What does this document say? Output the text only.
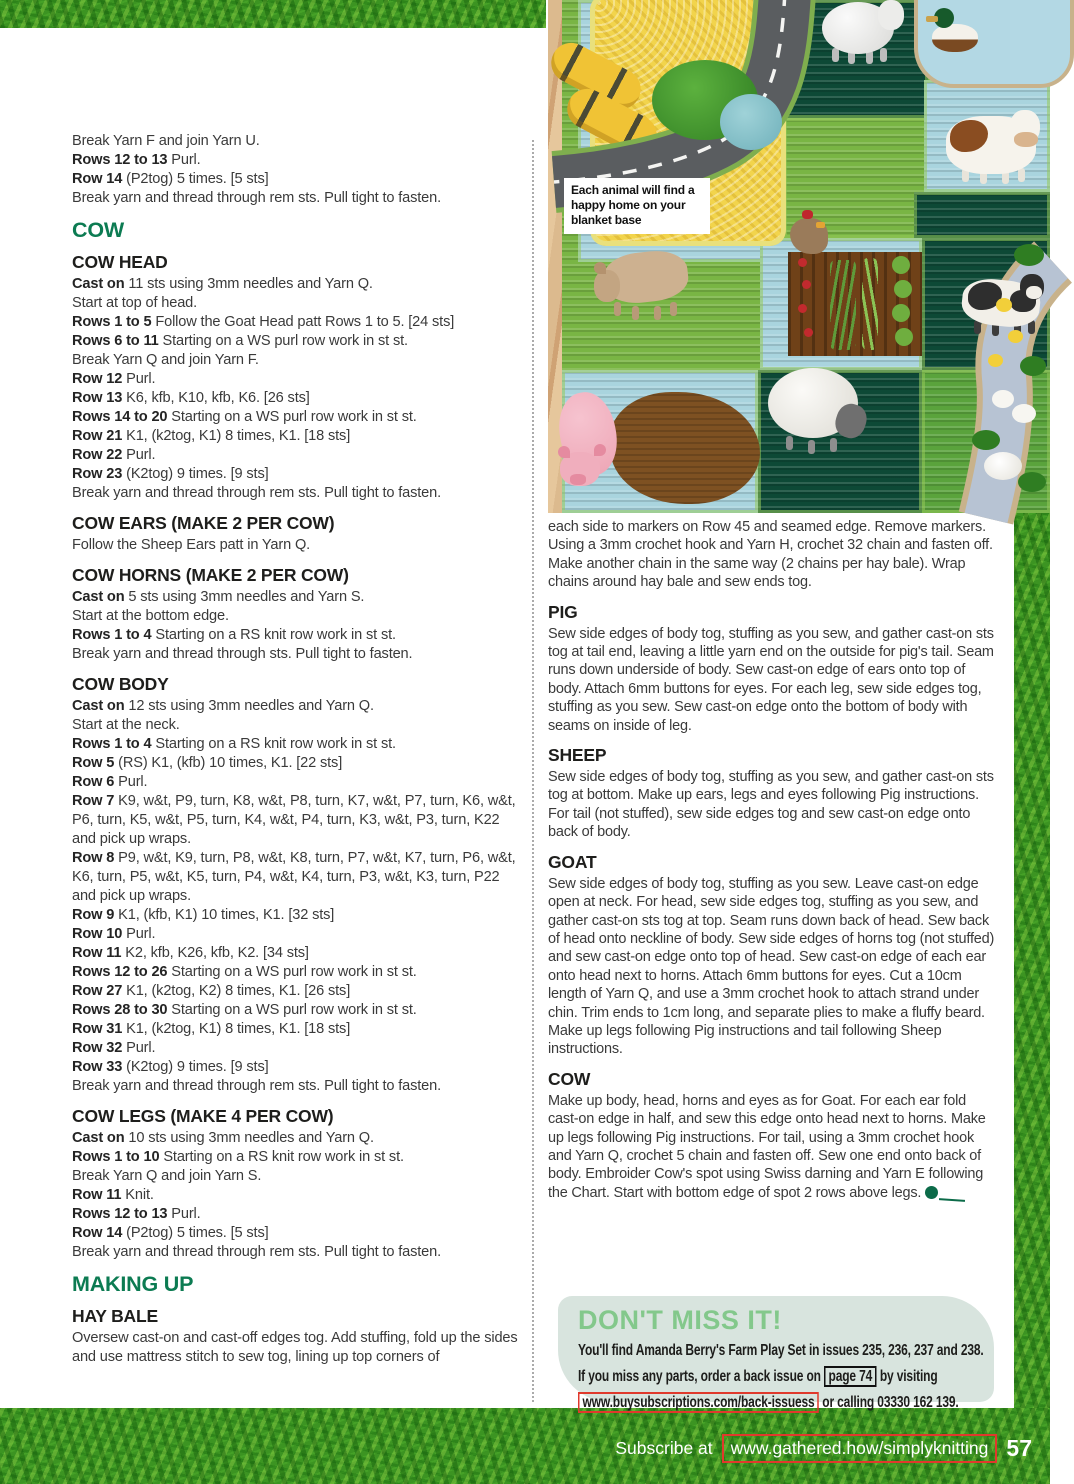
Each animal will find a happy home on your blanket base

Break Yarn F and join Yarn U.

Rows 12 to 13 Purl.

Row 14 (P2tog) 5 times. [5 sts]

Break yarn and thread through rem sts. Pull tight to fasten.

COW
COW HEAD

Cast on 11 sts using 3mm needles and Yarn Q.

Start at top of head.

Rows 1 to 5 Follow the Goat Head patt Rows 1 to 5. [24 sts]

Rows 6 to 11 Starting on a WS purl row work in st st.

Break Yarn Q and join Yarn F.

Row 12 Purl.

Row 13 K6, kfb, K10, kfb, K6. [26 sts]

Rows 14 to 20 Starting on a WS purl row work in st st.

Row 21 K1, (k2tog, K1) 8 times, K1. [18 sts]

Row 22 Purl.

Row 23 (K2tog) 9 times. [9 sts]

Break yarn and thread through rem sts. Pull tight to fasten.

COW EARS (MAKE 2 PER COW)

Follow the Sheep Ears patt in Yarn Q.

COW HORNS (MAKE 2 PER COW)

Cast on 5 sts using 3mm needles and Yarn S.

Start at the bottom edge.

Rows 1 to 4 Starting on a RS knit row work in st st.

Break yarn and thread through sts. Pull tight to fasten.

COW BODY

Cast on 12 sts using 3mm needles and Yarn Q.

Start at the neck.

Rows 1 to 4 Starting on a RS knit row work in st st.

Row 5 (RS) K1, (kfb) 10 times, K1. [22 sts]

Row 6 Purl.

Row 7 K9, w&t, P9, turn, K8, w&t, P8, turn, K7, w&t, P7, turn, K6, w&t, P6, turn, K5, w&t, P5, turn, K4, w&t, P4, turn, K3, w&t, P3, turn, K22 and pick up wraps.

Row 8 P9, w&t, K9, turn, P8, w&t, K8, turn, P7, w&t, K7, turn, P6, w&t, K6, turn, P5, w&t, K5, turn, P4, w&t, K4, turn, P3, w&t, K3, turn, P22 and pick up wraps.

Row 9 K1, (kfb, K1) 10 times, K1. [32 sts]

Row 10 Purl.

Row 11 K2, kfb, K26, kfb, K2. [34 sts]

Rows 12 to 26 Starting on a WS purl row work in st st.

Row 27 K1, (k2tog, K2) 8 times, K1. [26 sts]

Rows 28 to 30 Starting on a WS purl row work in st st.

Row 31 K1, (k2tog, K1) 8 times, K1. [18 sts]

Row 32 Purl.

Row 33 (K2tog) 9 times. [9 sts]

Break yarn and thread through rem sts. Pull tight to fasten.

COW LEGS (MAKE 4 PER COW)

Cast on 10 sts using 3mm needles and Yarn Q.

Rows 1 to 10 Starting on a RS knit row work in st st.

Break Yarn Q and join Yarn S.

Row 11 Knit.

Rows 12 to 13 Purl.

Row 14 (P2tog) 5 times. [5 sts]

Break yarn and thread through rem sts. Pull tight to fasten.

MAKING UP
HAY BALE

Oversew cast-on and cast-off edges tog. Add stuffing, fold up the sides and use mattress stitch to sew tog, lining up top corners of

each side to markers on Row 45 and seamed edge. Remove markers. Using a 3mm crochet hook and Yarn H, crochet 32 chain and fasten off. Make another chain in the same way (2 chains per hay bale). Wrap chains around hay bale and sew ends tog.

PIG

Sew side edges of body tog, stuffing as you sew, and gather cast-on sts tog at tail end, leaving a little yarn end on the outside for pig's tail. Seam runs down underside of body. Sew cast-on edge of ears onto top of body. Attach 6mm buttons for eyes. For each leg, sew side edges tog, stuffing as you sew. Sew cast-on edge onto the bottom of body with seams on inside of leg.

SHEEP

Sew side edges of body tog, stuffing as you sew, and gather cast-on sts tog at bottom. Make up ears, legs and eyes following Pig instructions. For tail (not stuffed), sew side edges tog and sew cast-on edge onto back of body.

GOAT

Sew side edges of body tog, stuffing as you sew. Leave cast-on edge open at neck. For head, sew side edges tog, stuffing as you sew, and gather cast-on sts tog at top. Seam runs down back of head. Sew back of head onto neckline of body. Sew side edges of horns tog (not stuffed) and sew cast-on edge onto top of head. Sew cast-on edge of each ear onto head next to horns. Attach 6mm buttons for eyes. Cut a 10cm length of Yarn Q, and use a 3mm crochet hook to attach strand under chin. Trim ends to 1cm long, and separate plies to make a fluffy beard. Make up legs following Pig instructions and tail following Sheep instructions.

COW

Make up body, head, horns and eyes as for Goat. For each ear fold cast-on edge in half, and sew this edge onto head next to horns. Make up legs following Pig instructions. For tail, using a 3mm crochet hook and Yarn Q, crochet 5 chain and fasten off. Sew one end onto back of body. Embroider Cow's spot using Swiss darning and Yarn E following the Chart. Start with bottom edge of spot 2 rows above legs.

DON'T MISS IT!

You'll find Amanda Berry's Farm Play Set in issues 235, 236, 237 and 238. If you miss any parts, order a back issue on page 74 by visiting www.buysubscriptions.com/back-issuess or calling 03330 162 139.

Subscribe at	www.gathered.how/simplyknitting 57
